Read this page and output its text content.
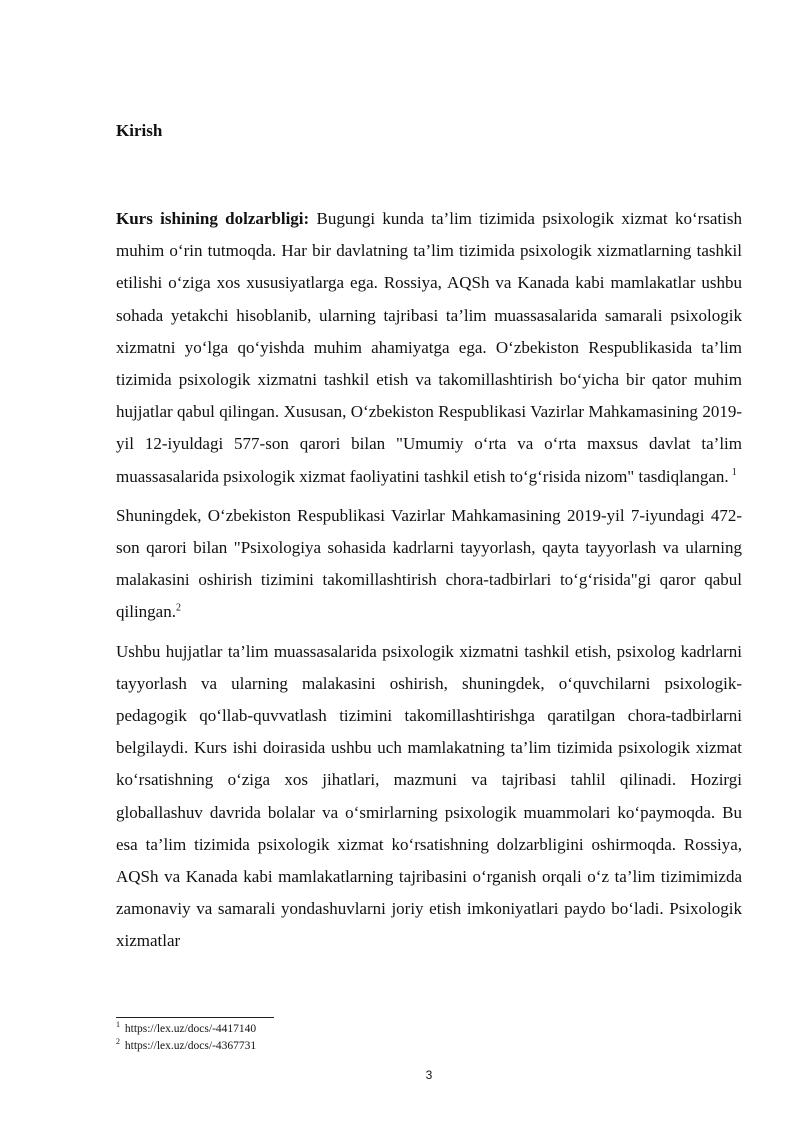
Kirish

Kurs ishining dolzarbligi: Bugungi kunda ta’lim tizimida psixologik xizmat ko‘rsatish muhim o‘rin tutmoqda. Har bir davlatning ta’lim tizimida psixologik xizmatlarning tashkil etilishi o‘ziga xos xususiyatlarga ega. Rossiya, AQSh va Kanada kabi mamlakatlar ushbu sohada yetakchi hisoblanib, ularning tajribasi ta’lim muassasalarida samarali psixologik xizmatni yo‘lga qo‘yishda muhim ahamiyatga ega. O‘zbekiston Respublikasida ta’lim tizimida psixologik xizmatni tashkil etish va takomillashtirish bo‘yicha bir qator muhim hujjatlar qabul qilingan. Xususan, O‘zbekiston Respublikasi Vazirlar Mahkamasining 2019-yil 12-iyuldagi 577-son qarori bilan "Umumiy o‘rta va o‘rta maxsus davlat ta’lim muassasalarida psixologik xizmat faoliyatini tashkil etish to‘g‘risida nizom" tasdiqlangan. $^1$

Shuningdek, O‘zbekiston Respublikasi Vazirlar Mahkamasining 2019-yil 7-iyundagi 472-son qarori bilan "Psixologiya sohasida kadrlarni tayyorlash, qayta tayyorlash va ularning malakasini oshirish tizimini takomillashtirish chora-tadbirlari to‘g‘risida"gi qaror qabul qilingan.$^2$

Ushbu hujjatlar ta’lim muassasalarida psixologik xizmatni tashkil etish, psixolog kadrlarni tayyorlash va ularning malakasini oshirish, shuningdek, o‘quvchilarni psixologik-pedagogik qo‘llab-quvvatlash tizimini takomillashtirishga qaratilgan chora-tadbirlarni belgilaydi. Kurs ishi doirasida ushbu uch mamlakatning ta’lim tizimida psixologik xizmat ko‘rsatishning o‘ziga xos jihatlari, mazmuni va tajribasi tahlil qilinadi. Hozirgi globallashuv davrida bolalar va o‘smirlarning psixologik muammolari ko‘paymoqda. Bu esa ta’lim tizimida psixologik xizmat ko‘rsatishning dolzarbligini oshirmoqda. Rossiya, AQSh va Kanada kabi mamlakatlarning tajribasini o‘rganish orqali o‘z ta’lim tizimimizda zamonaviy va samarali yondashuvlarni joriy etish imkoniyatlari paydo bo‘ladi. Psixologik xizmatlar

$^1$ https://lex.uz/docs/-4417140
$^2$ https://lex.uz/docs/-4367731
3
